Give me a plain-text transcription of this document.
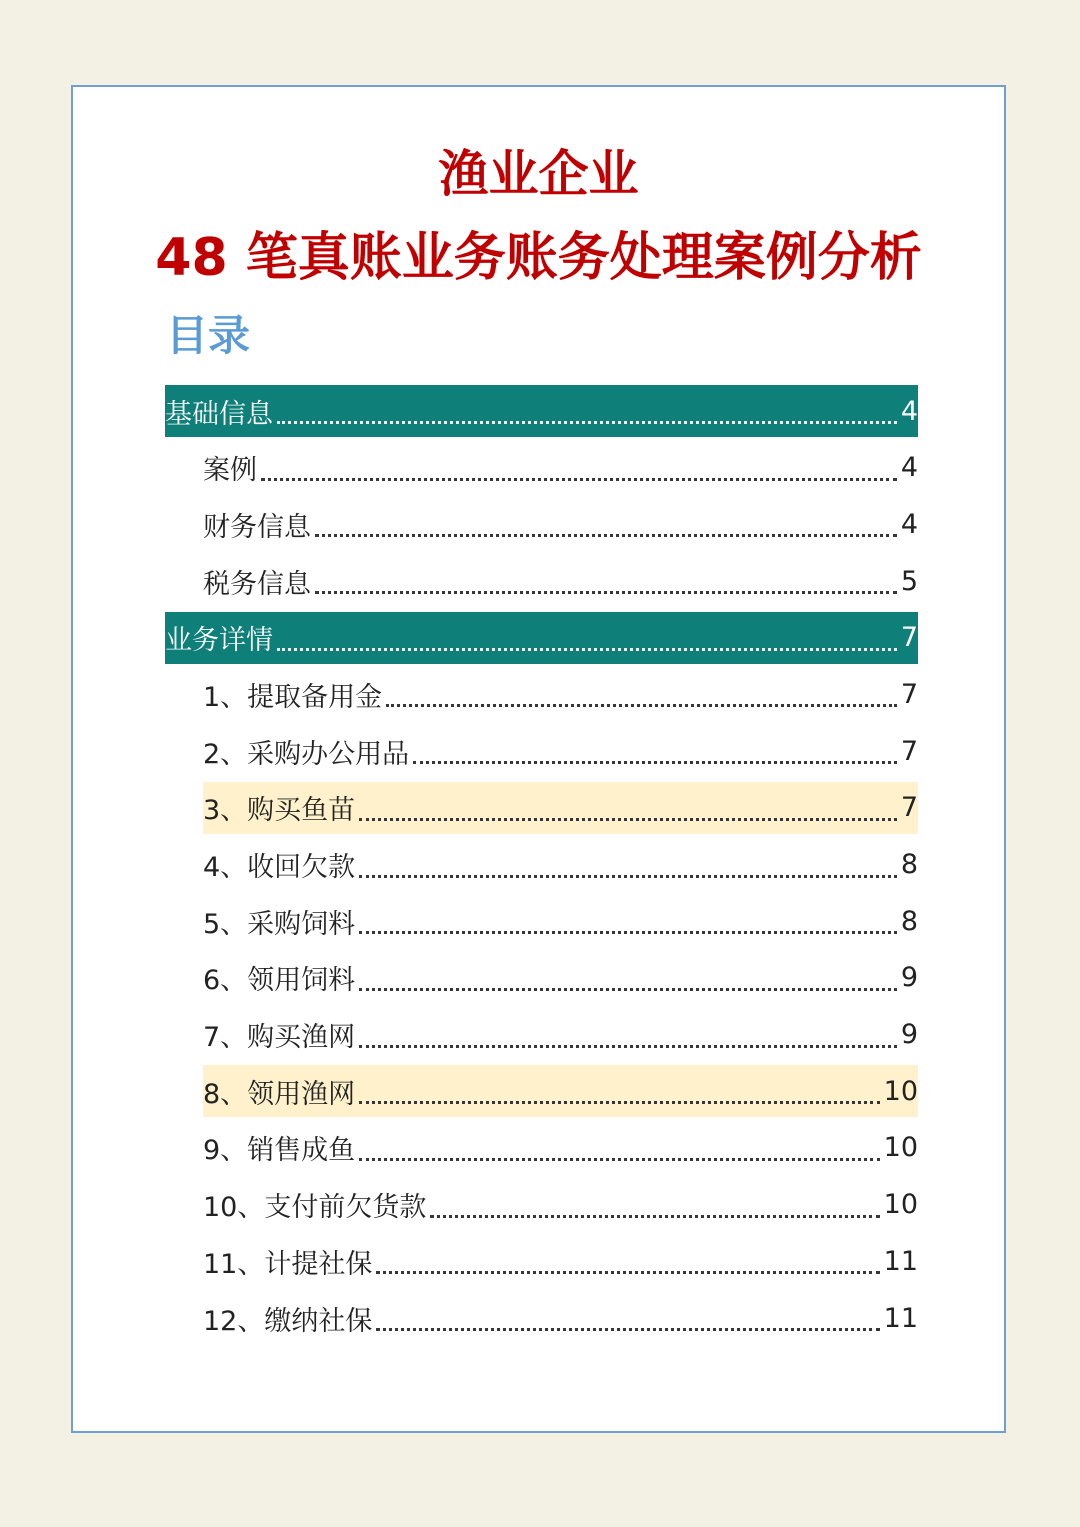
渔业企业
48 笔真账业务账务处理案例分析
目录
基础信息	4
案例	4
财务信息	4
税务信息	5
业务详情	7
1、提取备用金	7
2、采购办公用品	7
3、购买鱼苗	7
4、收回欠款	8
5、采购饲料	8
6、领用饲料	9
7、购买渔网	9
8、领用渔网	10
9、销售成鱼	10
10、支付前欠货款	10
11、计提社保	11
12、缴纳社保	11
